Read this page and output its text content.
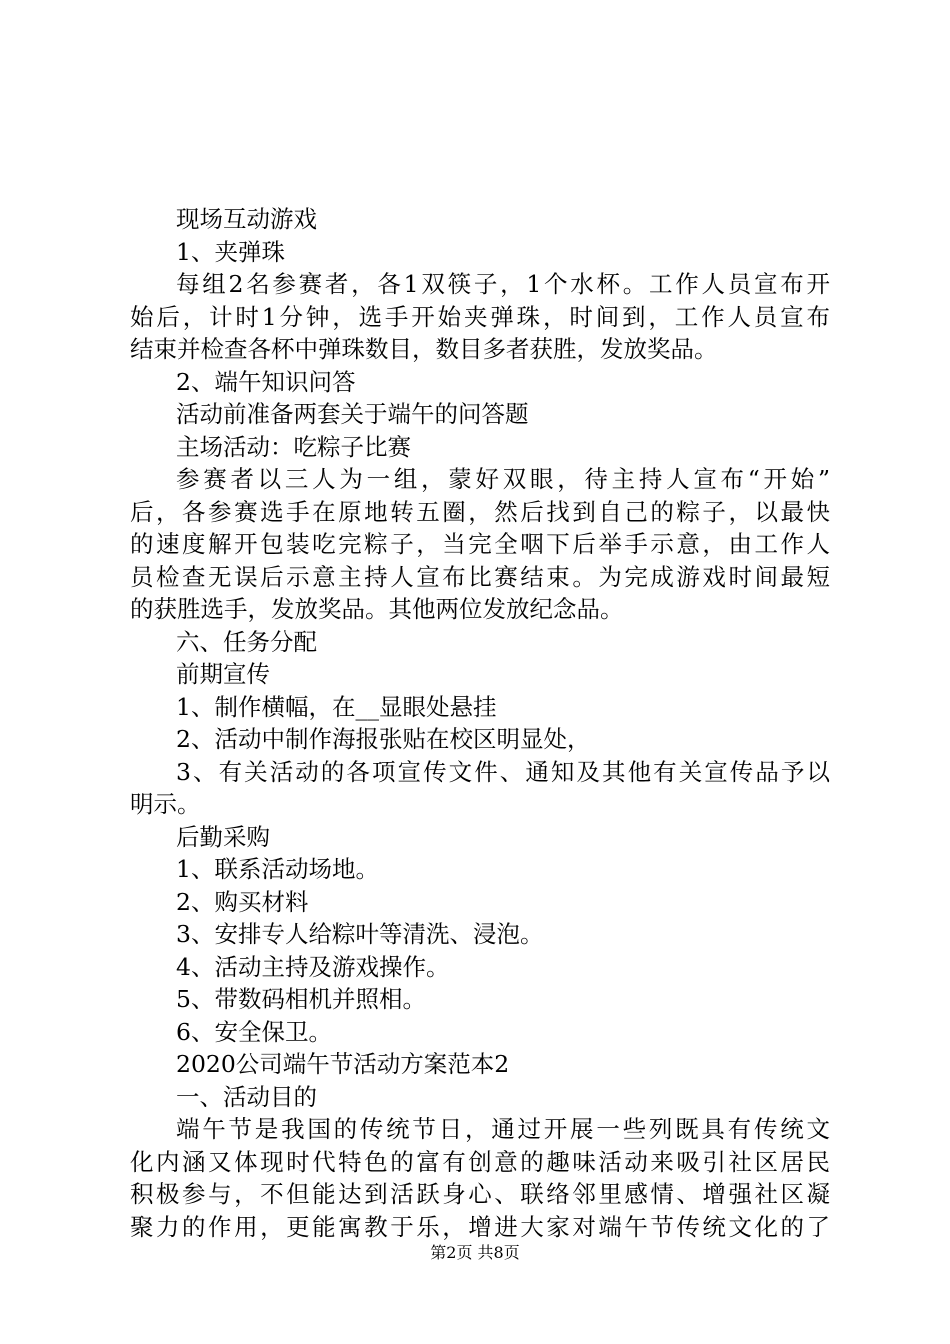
现场互动游戏
1、夹弹珠
每组2名参赛者，各1双筷子，1个水杯。工作人员宣布开
始后，计时1分钟，选手开始夹弹珠，时间到，工作人员宣布
结束并检查各杯中弹珠数目，数目多者获胜，发放奖品。
2、端午知识问答
活动前准备两套关于端午的问答题
主场活动：吃粽子比赛
参赛者以三人为一组，蒙好双眼，待主持人宣布“开始”
后，各参赛选手在原地转五圈，然后找到自己的粽子，以最快
的速度解开包装吃完粽子，当完全咽下后举手示意，由工作人
员检查无误后示意主持人宣布比赛结束。为完成游戏时间最短
的获胜选手，发放奖品。其他两位发放纪念品。
六、任务分配
前期宣传
1、制作横幅，在__显眼处悬挂
2、活动中制作海报张贴在校区明显处，
3、有关活动的各项宣传文件、通知及其他有关宣传品予以
明示。
后勤采购
1、联系活动场地。
2、购买材料
3、安排专人给粽叶等清洗、浸泡。
4、活动主持及游戏操作。
5、带数码相机并照相。
6、安全保卫。
2020公司端午节活动方案范本2
一、活动目的
端午节是我国的传统节日，通过开展一些列既具有传统文
化内涵又体现时代特色的富有创意的趣味活动来吸引社区居民
积极参与，不但能达到活跃身心、联络邻里感情、增强社区凝
聚力的作用，更能寓教于乐，增进大家对端午节传统文化的了
第2页 共8页
